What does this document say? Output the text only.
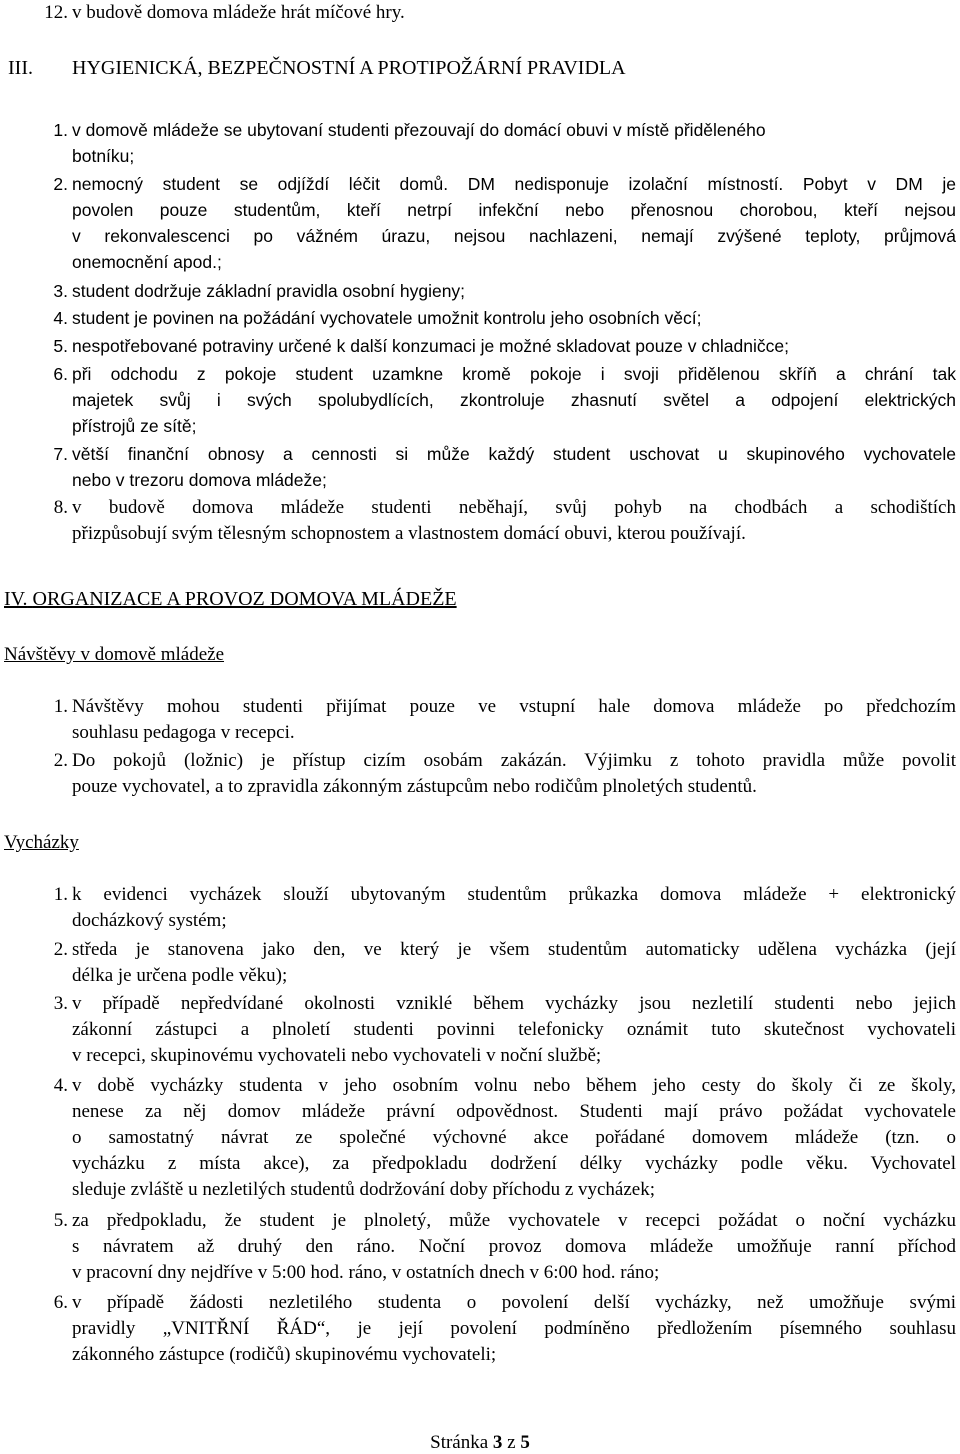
12. v budově domova mládeže hrát míčové hry.
III. HYGIENICKÁ, BEZPEČNOSTNÍ A PROTIPOŽÁRNÍ PRAVIDLA
1. v domově mládeže se ubytovaní studenti přezouvají do domácí obuvi v místě přiděleného
botníku;
2. nemocný student se odjíždí léčit domů. DM nedisponuje izolační místností. Pobyt v DM je
povolen pouze studentům, kteří netrpí infekční nebo přenosnou chorobou, kteří nejsou
v rekonvalescenci po vážném úrazu, nejsou nachlazeni, nemají zvýšené teploty, průjmová
onemocnění apod.;
3. student dodržuje základní pravidla osobní hygieny;
4. student je povinen na požádání vychovatele umožnit kontrolu jeho osobních věcí;
5. nespotřebované potraviny určené k další konzumaci je možné skladovat pouze v chladničce;
6. při odchodu z pokoje student uzamkne kromě pokoje i svoji přidělenou skříň a chrání tak
majetek svůj i svých spolubydlících, zkontroluje zhasnutí světel a odpojení elektrických
přístrojů ze sítě;
7. větší finanční obnosy a cennosti si může každý student uschovat u skupinového vychovatele
nebo v trezoru domova mládeže;
8. v budově domova mládeže studenti neběhají, svůj pohyb na chodbách a schodištích
přizpůsobují svým tělesným schopnostem a vlastnostem domácí obuvi, kterou používají.
IV. ORGANIZACE A PROVOZ DOMOVA MLÁDEŽE
Návštěvy v domově mládeže
1. Návštěvy mohou studenti přijímat pouze ve vstupní hale domova mládeže po předchozím
souhlasu pedagoga v recepci.
2. Do pokojů (ložnic) je přístup cizím osobám zakázán. Výjimku z tohoto pravidla může povolit
pouze vychovatel, a to zpravidla zákonným zástupcům nebo rodičům plnoletých studentů.
Vycházky
1. k evidenci vycházek slouží ubytovaným studentům průkazka domova mládeže + elektronický
docházkový systém;
2. středa je stanovena jako den, ve který je všem studentům automaticky udělena vycházka (její
délka je určena podle věku);
3. v případě nepředvídané okolnosti vzniklé během vycházky jsou nezletilí studenti nebo jejich
zákonní zástupci a plnoletí studenti povinni telefonicky oznámit tuto skutečnost vychovateli
v recepci, skupinovému vychovateli nebo vychovateli v noční službě;
4. v době vycházky studenta v jeho osobním volnu nebo během jeho cesty do školy či ze školy,
nenese za něj domov mládeže právní odpovědnost. Studenti mají právo požádat vychovatele
o samostatný návrat ze společné výchovné akce pořádané domovem mládeže (tzn. o
vycházku z místa akce), za předpokladu dodržení délky vycházky podle věku. Vychovatel
sleduje zvláště u nezletilých studentů dodržování doby příchodu z vycházek;
5. za předpokladu, že student je plnoletý, může vychovatele v recepci požádat o noční vycházku
s návratem až druhý den ráno. Noční provoz domova mládeže umožňuje ranní příchod
v pracovní dny nejdříve v 5:00 hod. ráno, v ostatních dnech v 6:00 hod. ráno;
6. v případě žádosti nezletilého studenta o povolení delší vycházky, než umožňuje svými
pravidly „VNITŘNÍ ŘÁD“, je její povolení podmíněno předložením písemného souhlasu
zákonného zástupce (rodičů) skupinovému vychovateli;
Stránka 3 z 5
